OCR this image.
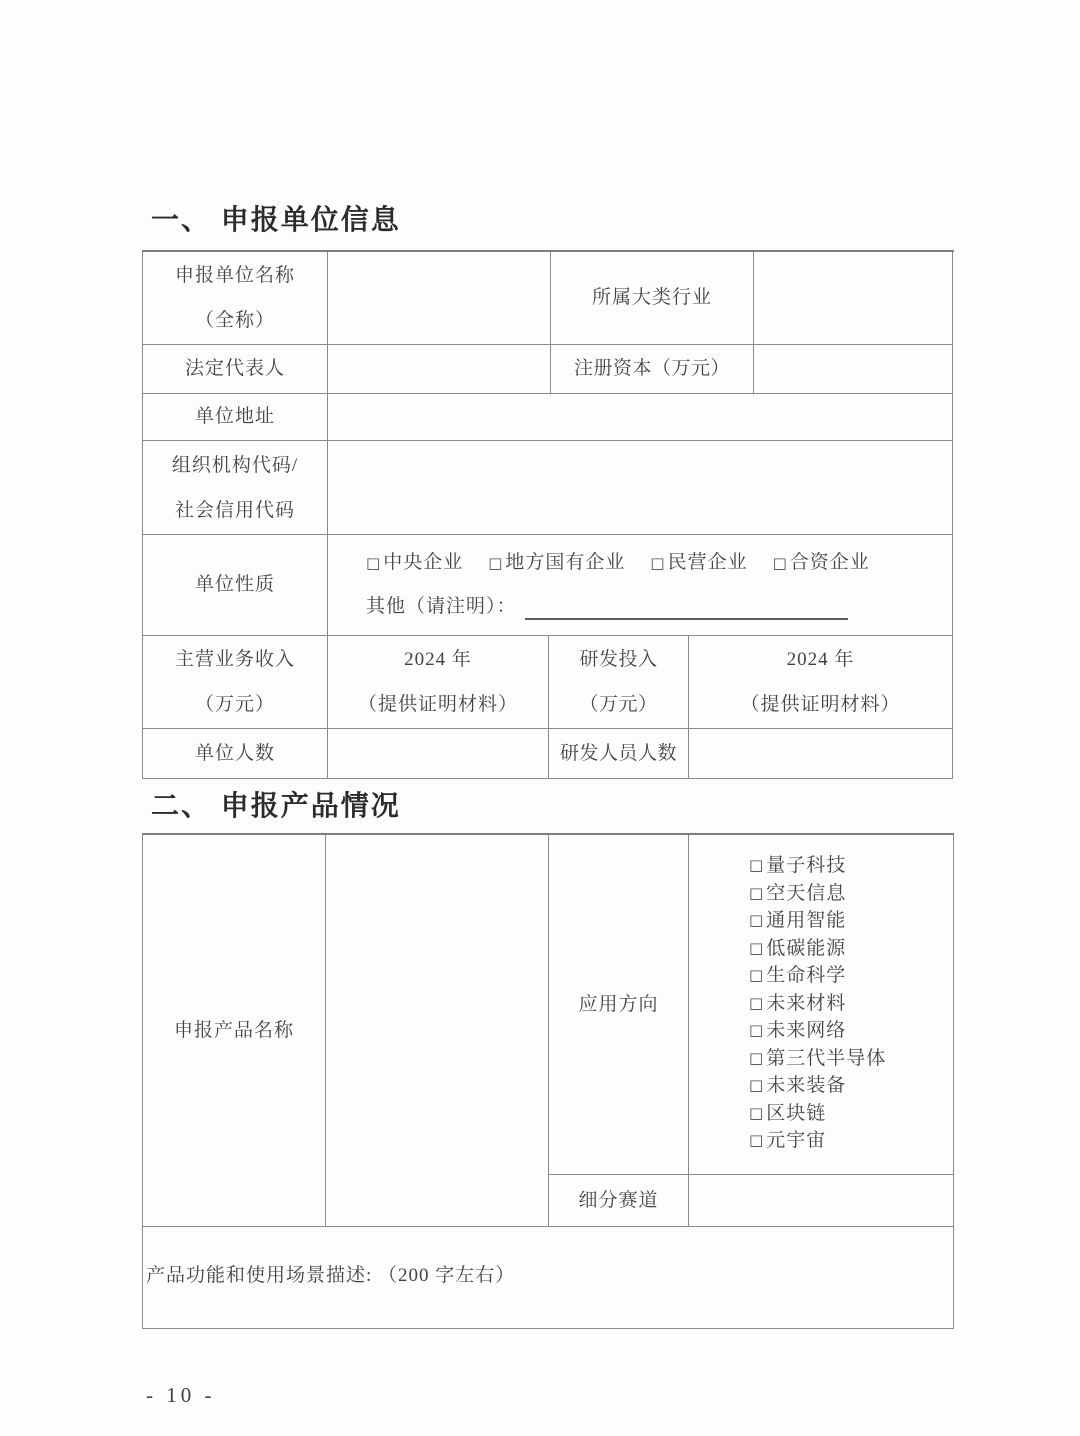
一、 申报单位信息
申报单位名称
（全称）
所属大类行业
法定代表人	注册资本（万元）
单位地址
组织机构代码/
社会信用代码
单位性质
□ 中央企业 □ 地方国有企业 □ 民营企业 □ 合资企业
其他（请注明）：
主营业务收入
（万元）
2024 年
（提供证明材料）
研发投入
（万元）
2024 年
（提供证明材料）
单位人数	研发人员人数
二、 申报产品情况
申报产品名称
应用方向
□ 量子科技
□ 空天信息
□ 通用智能
□ 低碳能源
□ 生命科学
□ 未来材料
□ 未来网络
□ 第三代半导体
□ 未来装备
□ 区块链
□ 元宇宙
细分赛道
产品功能和使用场景描述: （200 字左右）
- 10 -
